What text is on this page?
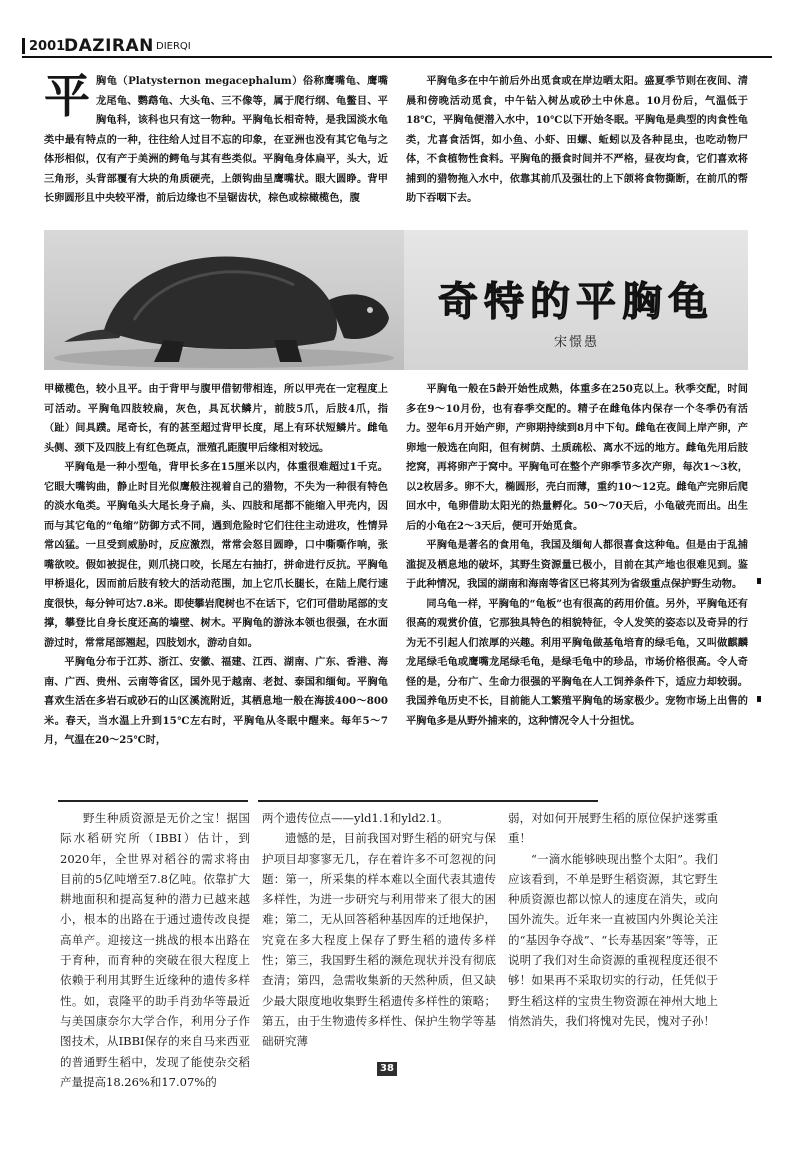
2001
DAZIRAN DIERQI

平 胸龟（Platysternon megacephalum）俗称鹰嘴龟、鹰嘴龙尾龟、鹦鹉龟、大头龟、三不像等，属于爬行纲、龟鳖目、平胸龟科，该科也只有这一物种。平胸龟长相奇特，是我国淡水龟类中最有特点的一种，往往给人过目不忘的印象，在亚洲也没有其它龟与之体形相似，仅有产于美洲的鳄龟与其有些类似。平胸龟身体扁平，头大，近三角形，头背部覆有大块的角质硬壳，上颌钩曲呈鹰嘴状。眼大圆睁。背甲长卵圆形且中央较平滑，前后边缘也不呈锯齿状，棕色或棕橄榄色，腹

平胸龟多在中午前后外出觅食或在岸边晒太阳。盛夏季节则在夜间、清晨和傍晚活动觅食，中午钻入树丛或砂土中休息。10月份后，气温低于18℃，平胸龟便潜入水中，10℃以下开始冬眠。平胸龟是典型的肉食性龟类，尤喜食活饵，如小鱼、小虾、田螺、蚯蚓以及各种昆虫，也吃动物尸体，不食植物性食料。平胸龟的摄食时间并不严格，昼夜均食，它们喜欢将捕到的猎物拖入水中，依靠其前爪及强壮的上下颌将食物撕断，在前爪的帮助下吞咽下去。

奇特的平胸龟
宋憬愚

甲橄榄色，较小且平。由于背甲与腹甲借韧带相连，所以甲壳在一定程度上可活动。平胸龟四肢较扁，灰色，具瓦状鳞片，前肢5爪，后肢4爪，指（趾）间具蹼。尾奇长，有的甚至超过背甲长度，尾上有环状短鳞片。雌龟头侧、颈下及四肢上有红色斑点，泄殖孔距腹甲后缘相对较远。

平胸龟是一种小型龟，背甲长多在15厘米以内，体重很难超过1千克。它眼大嘴钩曲，静止时目光似鹰般注视着自己的猎物，不失为一种很有特色的淡水龟类。平胸龟头大尾长身子扁，头、四肢和尾都不能缩入甲壳内，因而与其它龟的“龟缩”防御方式不同，遇到危险时它们往往主动进攻，性情异常凶猛。一旦受到威胁时，反应激烈，常常会怒目圆睁，口中嘶嘶作响，张嘴欲咬。假如被捉住，则爪挠口咬，长尾左右抽打，拼命进行反抗。平胸龟甲桥退化，因而前后肢有较大的活动范围，加上它爪长腿长，在陆上爬行速度很快，每分钟可达7.8米。即使攀岩爬树也不在话下，它们可借助尾部的支撑，攀登比自身长度还高的墙壁、树木。平胸龟的游泳本领也很强，在水面游过时，常常尾部翘起，四肢划水，游动自如。

平胸龟分布于江苏、浙江、安徽、福建、江西、湖南、广东、香港、海南、广西、贵州、云南等省区，国外见于越南、老挝、泰国和缅甸。平胸龟喜欢生活在多岩石或砂石的山区溪流附近，其栖息地一般在海拔400～800米。春天，当水温上升到15℃左右时，平胸龟从冬眠中醒来。每年5～7月，气温在20～25℃时，

平胸龟一般在5龄开始性成熟，体重多在250克以上。秋季交配，时间多在9～10月份，也有春季交配的。精子在雌龟体内保存一个冬季仍有活力。翌年6月开始产卵，产卵期持续到8月中下旬。雌龟在夜间上岸产卵，产卵地一般选在向阳，但有树荫、土质疏松、离水不远的地方。雌龟先用后肢挖窝，再将卵产于窝中。平胸龟可在整个产卵季节多次产卵，每次1～3枚，以2枚居多。卵不大，椭圆形，壳白而薄，重约10～12克。雌龟产完卵后爬回水中，龟卵借助太阳光的热量孵化。50～70天后，小龟破壳而出。出生后的小龟在2～3天后，便可开始觅食。

平胸龟是著名的食用龟，我国及缅甸人都很喜食这种龟。但是由于乱捕滥捉及栖息地的破坏，其野生资源量已极小，目前在其产地也很难见到。鉴于此种情况，我国的湖南和海南等省区已将其列为省级重点保护野生动物。

同乌龟一样，平胸龟的“龟板”也有很高的药用价值。另外，平胸龟还有很高的观赏价值，它那独具特色的相貌特征，令人发笑的姿态以及奇异的行为无不引起人们浓厚的兴趣。利用平胸龟做基龟培育的绿毛龟，又叫做麒麟龙尾绿毛龟或鹰嘴龙尾绿毛龟，是绿毛龟中的珍品，市场价格很高。令人奇怪的是，分布广、生命力很强的平胸龟在人工饲养条件下，适应力却较弱。我国养龟历史不长，目前能人工繁殖平胸龟的场家极少。宠物市场上出售的平胸龟多是从野外捕来的，这种情况令人十分担忧。

野生种质资源是无价之宝！据国际水稻研究所（IBBI）估计，到2020年，全世界对稻谷的需求将由目前的5亿吨增至7.8亿吨。依靠扩大耕地面积和提高复种的潜力已越来越小，根本的出路在于通过遗传改良提高单产。迎接这一挑战的根本出路在于育种，而育种的突破在很大程度上依赖于利用其野生近缘种的遗传多样性。如，袁隆平的助手肖劲华等最近与美国康奈尔大学合作，利用分子作图技术，从IBBI保存的来自马来西亚的普通野生稻中，发现了能使杂交稻产量提高18.26%和17.07%的

两个遗传位点——yld1.1和yld2.1。

遗憾的是，目前我国对野生稻的研究与保护项目却寥寥无几，存在着许多不可忽视的问题：第一，所采集的样本难以全面代表其遗传多样性，为进一步研究与利用带来了很大的困难；第二，无从回答稻种基因库的迁地保护，究竟在多大程度上保存了野生稻的遗传多样性；第三，我国野生稻的濒危现状并没有彻底查清；第四，急需收集新的天然种质，但又缺少最大限度地收集野生稻遗传多样性的策略；第五，由于生物遗传多样性、保护生物学等基础研究薄

弱，对如何开展野生稻的原位保护迷雾重重！

“一滴水能够映现出整个太阳”。我们应该看到，不单是野生稻资源，其它野生种质资源也都以惊人的速度在消失，或向国外流失。近年来一直被国内外舆论关注的“基因争夺战”、“长寿基因案”等等，正说明了我们对生命资源的重视程度还很不够！如果再不采取切实的行动，任凭似于野生稻这样的宝贵生物资源在神州大地上悄然消失，我们将愧对先民，愧对子孙！

38
